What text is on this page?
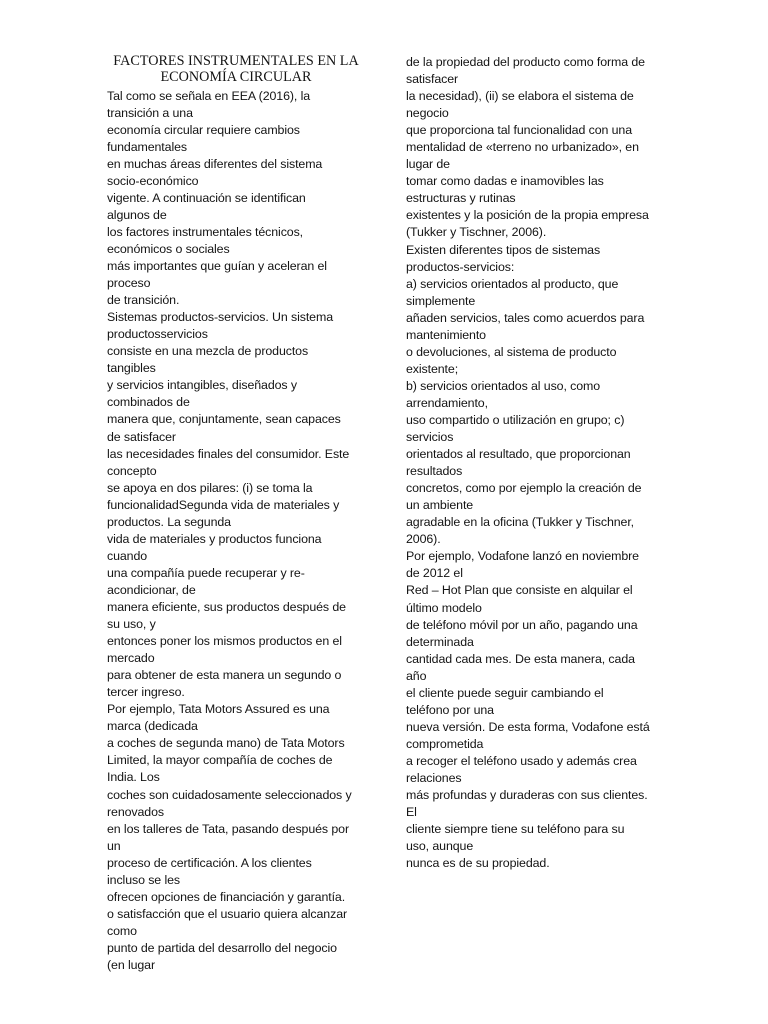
FACTORES INSTRUMENTALES EN LA ECONOMÍA CIRCULAR
Tal como se señala en EEA (2016), la
transición a una
economía circular requiere cambios
fundamentales
en muchas áreas diferentes del sistema
socio-económico
vigente. A continuación se identifican
algunos de
los factores instrumentales técnicos,
económicos o sociales
más importantes que guían y aceleran el
proceso
de transición.
Sistemas productos-servicios. Un sistema
productosservicios
consiste en una mezcla de productos
tangibles
y servicios intangibles, diseñados y
combinados de
manera que, conjuntamente, sean capaces
de satisfacer
las necesidades finales del consumidor. Este
concepto
se apoya en dos pilares: (i) se toma la
funcionalidadSegunda vida de materiales y
productos. La segunda
vida de materiales y productos funciona
cuando
una compañía puede recuperar y re-
acondicionar, de
manera eficiente, sus productos después de
su uso, y
entonces poner los mismos productos en el
mercado
para obtener de esta manera un segundo o
tercer ingreso.
Por ejemplo, Tata Motors Assured es una
marca (dedicada
a coches de segunda mano) de Tata Motors
Limited, la mayor compañía de coches de
India. Los
coches son cuidadosamente seleccionados y
renovados
en los talleres de Tata, pasando después por
un
proceso de certificación. A los clientes
incluso se les
ofrecen opciones de financiación y garantía.
o satisfacción que el usuario quiera alcanzar
como
punto de partida del desarrollo del negocio
(en lugar
de la propiedad del producto como forma de
satisfacer
la necesidad), (ii) se elabora el sistema de
negocio
que proporciona tal funcionalidad con una
mentalidad de «terreno no urbanizado», en
lugar de
tomar como dadas e inamovibles las
estructuras y rutinas
existentes y la posición de la propia empresa
(Tukker y Tischner, 2006).
Existen diferentes tipos de sistemas
productos-servicios:
a) servicios orientados al producto, que
simplemente
añaden servicios, tales como acuerdos para
mantenimiento
o devoluciones, al sistema de producto
existente;
b) servicios orientados al uso, como
arrendamiento,
uso compartido o utilización en grupo; c)
servicios
orientados al resultado, que proporcionan
resultados
concretos, como por ejemplo la creación de
un ambiente
agradable en la oficina (Tukker y Tischner,
2006).
Por ejemplo, Vodafone lanzó en noviembre
de 2012 el
Red – Hot Plan que consiste en alquilar el
último modelo
de teléfono móvil por un año, pagando una
determinada
cantidad cada mes. De esta manera, cada
año
el cliente puede seguir cambiando el
teléfono por una
nueva versión. De esta forma, Vodafone está
comprometida
a recoger el teléfono usado y además crea
relaciones
más profundas y duraderas con sus clientes.
El
cliente siempre tiene su teléfono para su
uso, aunque
nunca es de su propiedad.
